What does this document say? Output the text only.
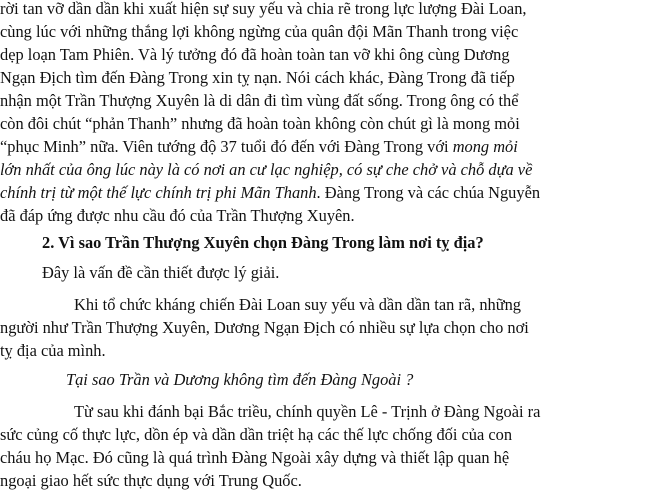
rời tan vỡ dần dần khi xuất hiện sự suy yếu và chia rẽ trong lực lượng Đài Loan,
cùng lúc với những thắng lợi không ngừng của quân đội Mãn Thanh trong việc
dẹp loạn Tam Phiên. Và lý tưởng đó đã hoàn toàn tan vỡ khi ông cùng Dương
Ngạn Địch tìm đến Đàng Trong xin tỵ nạn. Nói cách khác, Đàng Trong đã tiếp
nhận một Trần Thượng Xuyên là di dân đi tìm vùng đất sống. Trong ông có thể
còn đôi chút “phản Thanh” nhưng đã hoàn toàn không còn chút gì là mong mỏi
“phục Minh” nữa. Viên tướng độ 37 tuổi đó đến với Đàng Trong với mong mỏi
lớn nhất của ông lúc này là có nơi an cư lạc nghiệp, có sự che chở và chỗ dựa về
chính trị từ một thế lực chính trị phi Mãn Thanh. Đàng Trong và các chúa Nguyễn
đã đáp ứng được nhu cầu đó của Trần Thượng Xuyên.
2. Vì sao Trần Thượng Xuyên chọn Đàng Trong làm nơi tỵ địa?
Đây là vấn đề cần thiết được lý giải.
Khi tổ chức kháng chiến Đài Loan suy yếu và dần dần tan rã, những
người như Trần Thượng Xuyên, Dương Ngạn Địch có nhiều sự lựa chọn cho nơi
tỵ địa của mình.
Tại sao Trần và Dương không tìm đến Đàng Ngoài ?
Từ sau khi đánh bại Bắc triều, chính quyền Lê - Trịnh ở Đàng Ngoài ra
sức củng cố thực lực, dồn ép và dần dần triệt hạ các thế lực chống đối của con
cháu họ Mạc. Đó cũng là quá trình Đàng Ngoài xây dựng và thiết lập quan hệ
ngoại giao hết sức thực dụng với Trung Quốc.
